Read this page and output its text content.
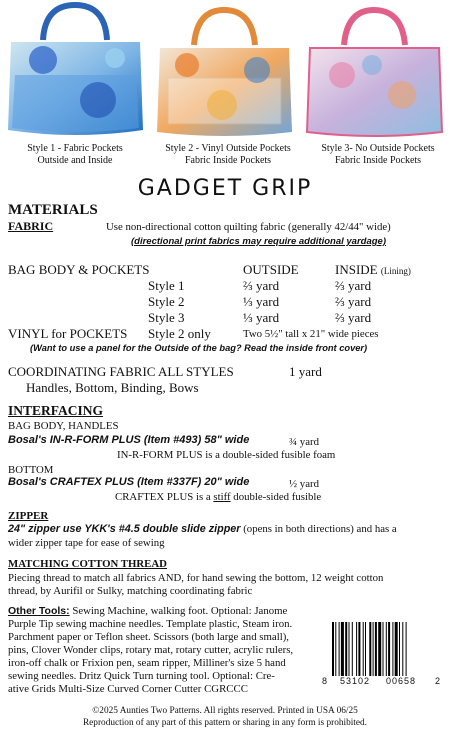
Style 1 - Fabric Pockets
Outside and Inside
Style 2 - Vinyl Outside Pockets
Fabric Inside Pockets
Style 3- No Outside Pockets
Fabric Inside Pockets
GADGET GRIP
MATERIALS
FABRIC	Use non-directional cotton quilting fabric (generally 42/44" wide)
(directional print fabrics may require additional yardage)
BAG BODY & POCKETS	OUTSIDE	INSIDE (Lining)
Style 1	⅔ yard	⅔ yard
Style 2	⅓ yard	⅔ yard
Style 3	⅓ yard	⅔ yard
VINYL for POCKETS Style 2 only	Two 5½" tall x 21" wide pieces
(Want to use a panel for the Outside of the bag? Read the inside front cover)
COORDINATING FABRIC ALL STYLES	1 yard
Handles, Bottom, Binding, Bows
INTERFACING
BAG BODY, HANDLES
Bosal's IN-R-FORM PLUS (Item #493) 58" wide	¾ yard
IN-R-FORM PLUS is a double-sided fusible foam
BOTTOM
Bosal's CRAFTEX PLUS (Item #337F) 20" wide	½ yard
CRAFTEX PLUS is a stiff double-sided fusible
ZIPPER
24" zipper use YKK's #4.5 double slide zipper (opens in both directions) and has a
wider zipper tape for ease of sewing
MATCHING COTTON THREAD
Piecing thread to match all fabrics AND, for hand sewing the bottom, 12 weight cotton
thread, by Aurifil or Sulky, matching coordinating fabric
Other Tools: Sewing Machine, walking foot. Optional: Janome
Purple Tip sewing machine needles. Template plastic, Steam iron.
Parchment paper or Teflon sheet. Scissors (both large and small),
pins, Clover Wonder clips, rotary mat, rotary cutter, acrylic rulers,
iron-off chalk or Frixion pen, seam ripper, Milliner's size 5 hand
sewing needles. Dritz Quick Turn turning tool. Optional: Cre-
ative Grids Multi-Size Curved Corner Cutter CGRCCC
8 53102 00658 2
©2025 Aunties Two Patterns. All rights reserved. Printed in USA 06/25
Reproduction of any part of this pattern or sharing in any form is prohibited.
